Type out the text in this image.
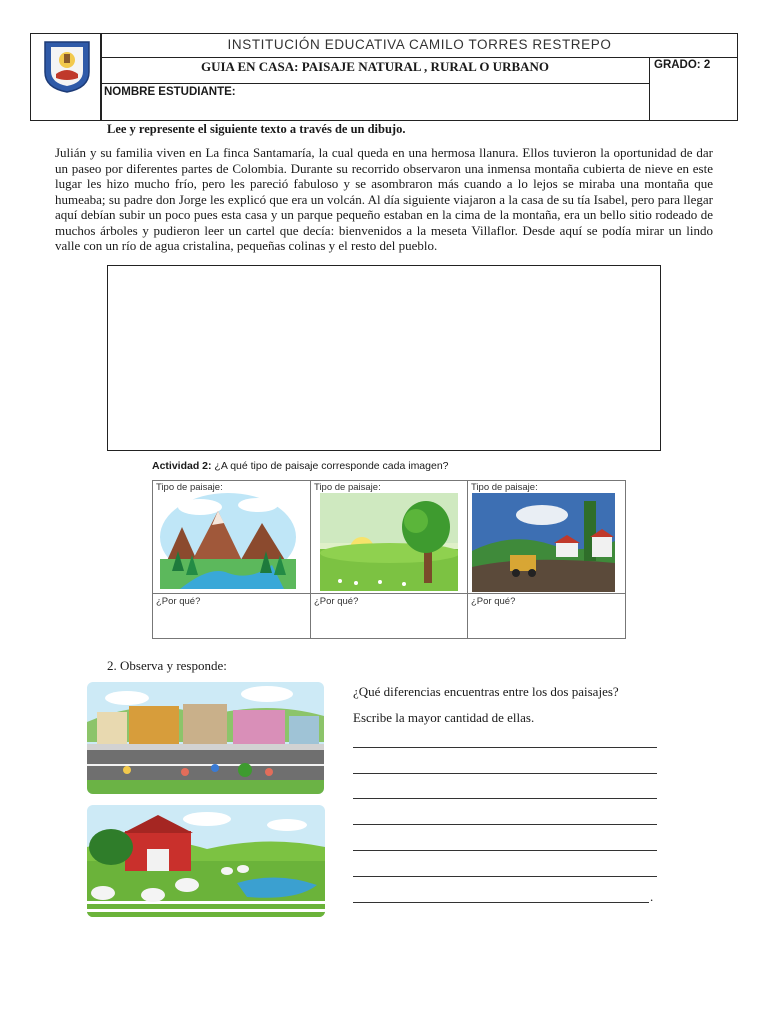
INSTITUCIÓN EDUCATIVA CAMILO TORRES RESTREPO
GUIA EN CASA: PAISAJE NATURAL , RURAL O URBANO	GRADO: 2
NOMBRE ESTUDIANTE:
Lee y represente el siguiente texto a través de un dibujo.
Julián y su familia viven en La finca Santamaría, la cual queda en una hermosa llanura. Ellos tuvieron la oportunidad de dar un paseo por diferentes partes de Colombia. Durante su recorrido observaron una inmensa montaña cubierta de nieve en este lugar les hizo mucho frío, pero les pareció fabuloso y se asombraron más cuando a lo lejos se miraba una montaña que humeaba; su padre don Jorge les explicó que era un volcán. Al día siguiente viajaron a la casa de su tía Isabel, pero para llegar aquí debían subir un poco pues esta casa y un parque pequeño estaban en la cima de la montaña, era un bello sitio rodeado de muchos árboles y pudieron leer un cartel que decía: bienvenidos a la meseta Villaflor. Desde aquí se podía mirar un lindo valle con un río de agua cristalina, pequeñas colinas y el resto del pueblo.
Actividad 2: ¿A qué tipo de paisaje corresponde cada imagen?
Tipo de paisaje:	Tipo de paisaje:	Tipo de paisaje:
¿Por qué?	¿Por qué?	¿Por qué?
2. Observa y responde:
¿Qué diferencias encuentras entre los dos paisajes?
Escribe la mayor cantidad de ellas.
.
